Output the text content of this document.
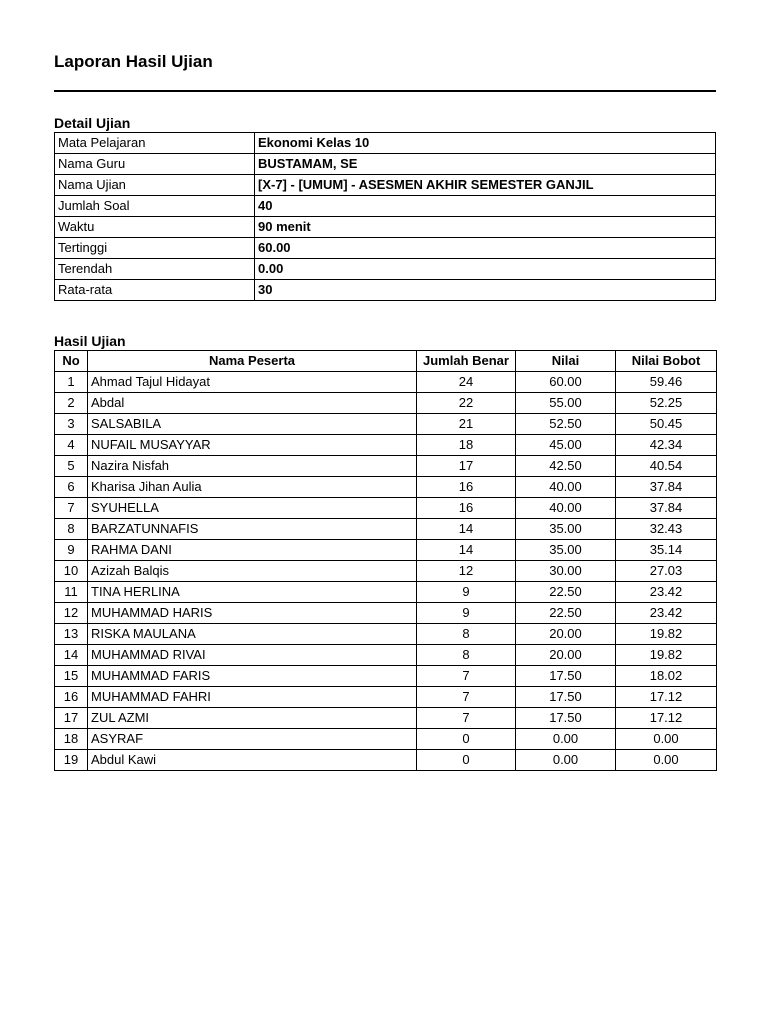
Laporan Hasil Ujian
Detail Ujian
Mata Pelajaran	Ekonomi Kelas 10
Nama Guru	BUSTAMAM, SE
Nama Ujian	[X-7] - [UMUM] - ASESMEN AKHIR SEMESTER GANJIL
Jumlah Soal	40
Waktu	90 menit
Tertinggi	60.00
Terendah	0.00
Rata-rata	30
Hasil Ujian
No	Nama Peserta	Jumlah Benar	Nilai	Nilai Bobot
1	Ahmad Tajul Hidayat	24	60.00	59.46
2	Abdal	22	55.00	52.25
3	SALSABILA	21	52.50	50.45
4	NUFAIL MUSAYYAR	18	45.00	42.34
5	Nazira Nisfah	17	42.50	40.54
6	Kharisa Jihan Aulia	16	40.00	37.84
7	SYUHELLA	16	40.00	37.84
8	BARZATUNNAFIS	14	35.00	32.43
9	RAHMA DANI	14	35.00	35.14
10	Azizah Balqis	12	30.00	27.03
11	TINA HERLINA	9	22.50	23.42
12	MUHAMMAD HARIS	9	22.50	23.42
13	RISKA MAULANA	8	20.00	19.82
14	MUHAMMAD RIVAI	8	20.00	19.82
15	MUHAMMAD FARIS	7	17.50	18.02
16	MUHAMMAD FAHRI	7	17.50	17.12
17	ZUL AZMI	7	17.50	17.12
18	ASYRAF	0	0.00	0.00
19	Abdul Kawi	0	0.00	0.00
